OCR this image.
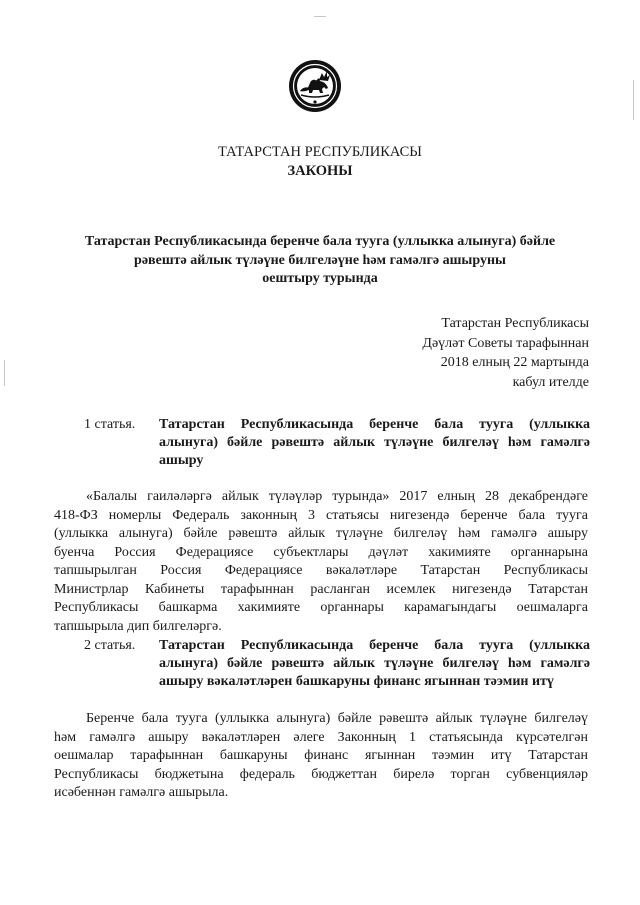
ТАТАРСТАН РЕСПУБЛИКАСЫ
ЗАКОНЫ
Татарстан Республикасында беренче бала туугa (уллыкка алынуга) бәйле
рәвештә айлык түләүне билгеләүне һәм гамәлгә ашыруны
оештыру турында
Татарстан Республикасы
Дәүләт Советы тарафыннан
2018 елның 22 мартында
кабул ителде
1 статья.	Татарстан Республикасында беренче бала туугa (уллыкка алынуга) бәйле рәвештә айлык түләүне билгеләү һәм гамәлгә ашыру
«Балалы гаиләләргә айлык түләүләр турында» 2017 елның 28 декабрендәге
418-ФЗ номерлы Федераль законның 3 статьясы нигезендә беренче бала туугa
(уллыкка алынуга) бәйле рәвештә айлык түләүне билгеләү һәм гамәлгә ашыру
буенча Россия Федерациясе субъектлары дәүләт хакимияте органнарына
тапшырылган Россия Федерациясе вәкаләтләре Татарстан Республикасы
Министрлар Кабинеты тарафыннан расланган исемлек нигезендә Татарстан
Республикасы башкарма хакимияте органнары карамагындагы оешмаларга
тапшырыла дип билгеләргә.
2 статья.	Татарстан Республикасында беренче бала туугa (уллыкка алынуга) бәйле рәвештә айлык түләүне билгеләү һәм гамәлгә ашыру вәкаләтләрен башкаруны финанс ягыннан тәэмин итү
Беренче бала туугa (уллыкка алынуга) бәйле рәвештә айлык түләүне билгеләү
һәм гамәлгә ашыру вәкаләтләрен әлеге Законның 1 статьясында күрсәтелгән
оешмалар тарафыннан башкаруны финанс ягыннан тәэмин итү Татарстан
Республикасы бюджетына федераль бюджеттан бирелә торган субвенцияләр
исәбеннән гамәлгә ашырыла.
